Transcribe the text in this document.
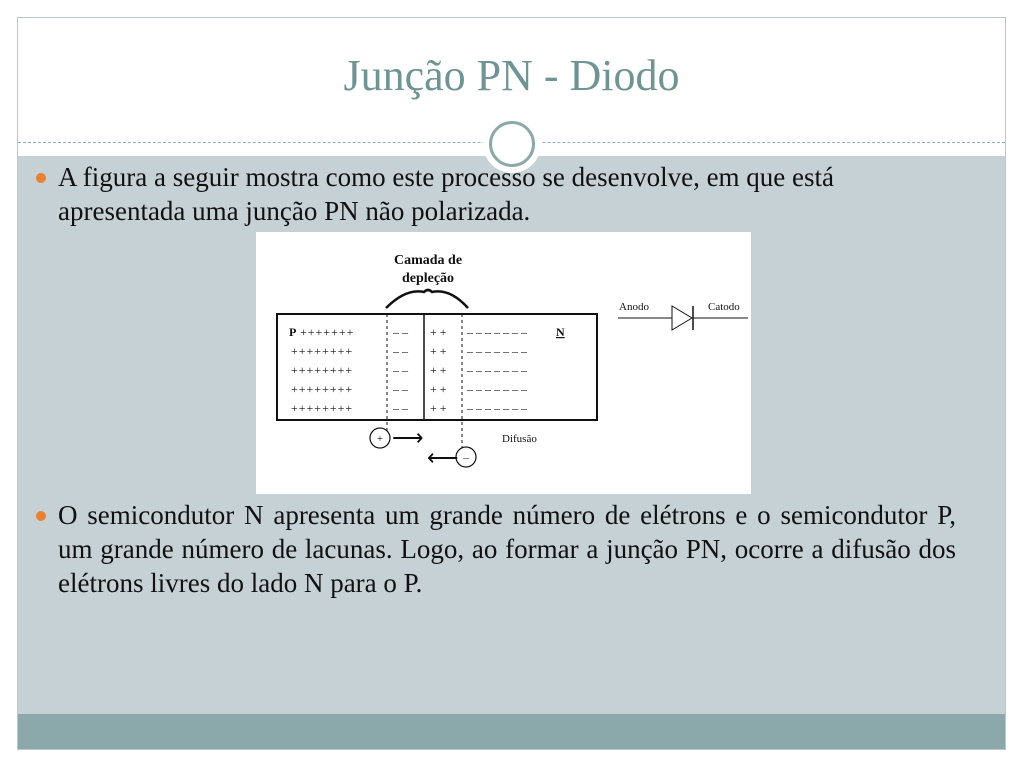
Junção PN - Diodo
A figura a seguir mostra como este processo se desenvolve, em que está apresentada uma junção PN não polarizada.
Camada de
depleção
P	N
+++++++
++++++++
++++++++
++++++++
++++++++
– –
– –
– –
– –
– –
+ +
+ +
+ +
+ +
+ +
– – – – – – –
– – – – – – –
– – – – – – –
– – – – – – –
– – – – – – –
+ ⟶
–
⟵
Difusão
Anodo	Catodo
O semicondutor N apresenta um grande número de elétrons e o semicondutor P, um grande número de lacunas. Logo, ao formar a junção PN, ocorre a difusão dos elétrons livres do lado N para o P.
